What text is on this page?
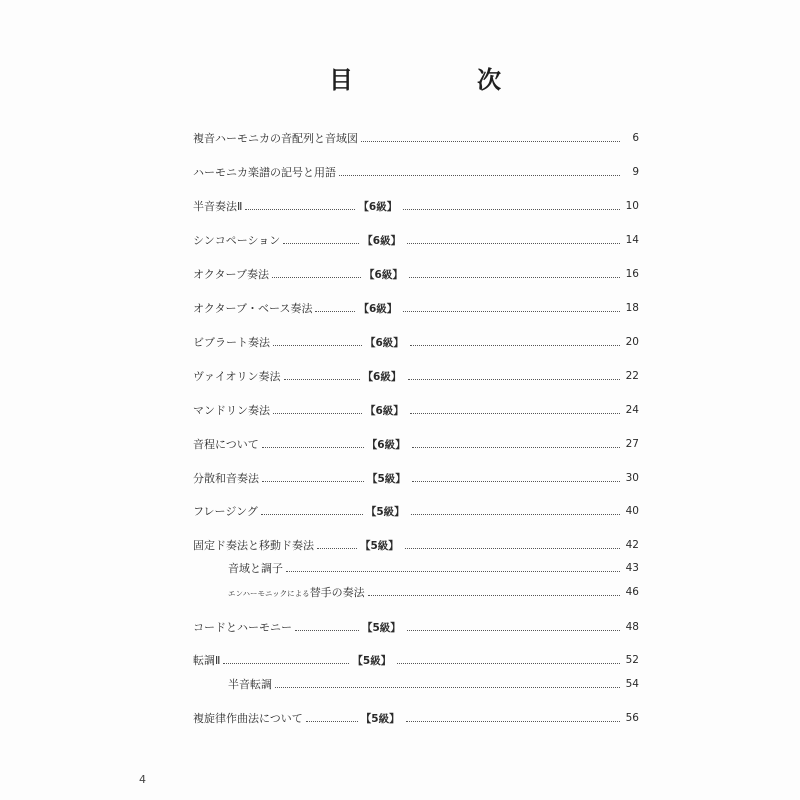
目　次
複音ハーモニカの音配列と音域図	6
ハーモニカ楽譜の記号と用語	9
半音奏法Ⅱ	【6級】	10
シンコペーション	【6級】	14
オクターブ奏法	【6級】	16
オクターブ・ベース奏法	【6級】	18
ビブラート奏法	【6級】	20
ヴァイオリン奏法	【6級】	22
マンドリン奏法	【6級】	24
音程について	【6級】	27
分散和音奏法	【5級】	30
フレージング	【5級】	40
固定ド奏法と移動ド奏法	【5級】	42
音域と調子	43
エンハーモニックによる替手の奏法	46
コードとハーモニー	【5級】	48
転調Ⅱ	【5級】	52
半音転調	54
複旋律作曲法について	【5級】	56
4
